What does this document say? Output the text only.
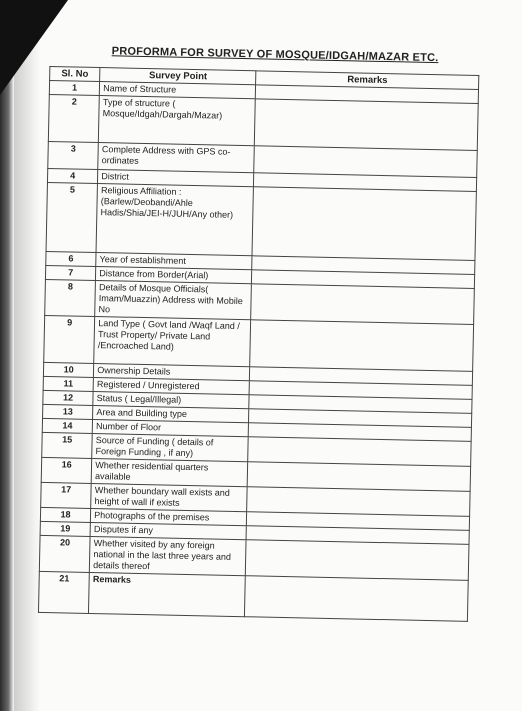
PROFORMA FOR SURVEY OF MOSQUE/IDGAH/MAZAR ETC.
Sl. No	Survey Point	Remarks
1	Name of Structure	
2	Type of structure ( Mosque/Idgah/Dargah/Mazar)	
3	Complete Address with GPS co-ordinates	
4	District	
5	Religious Affiliation : (Barlew/Deobandi/Ahle Hadis/Shia/JEI-H/JUH/Any other)	
6	Year of establishment	
7	Distance from Border(Arial)	
8	Details of Mosque Officials( Imam/Muazzin) Address with Mobile No	
9	Land Type ( Govt land /Waqf Land / Trust Property/ Private Land /Encroached Land)	
10	Ownership Details	
11	Registered / Unregistered	
12	Status ( Legal/Illegal)	
13	Area and Building type	
14	Number of Floor	
15	Source of Funding ( details of Foreign Funding , if any)	
16	Whether residential quarters available	
17	Whether boundary wall exists and height of wall if exists	
18	Photographs of the premises	
19	Disputes if any	
20	Whether visited by any foreign national in the last three years and details thereof	
21	Remarks	
